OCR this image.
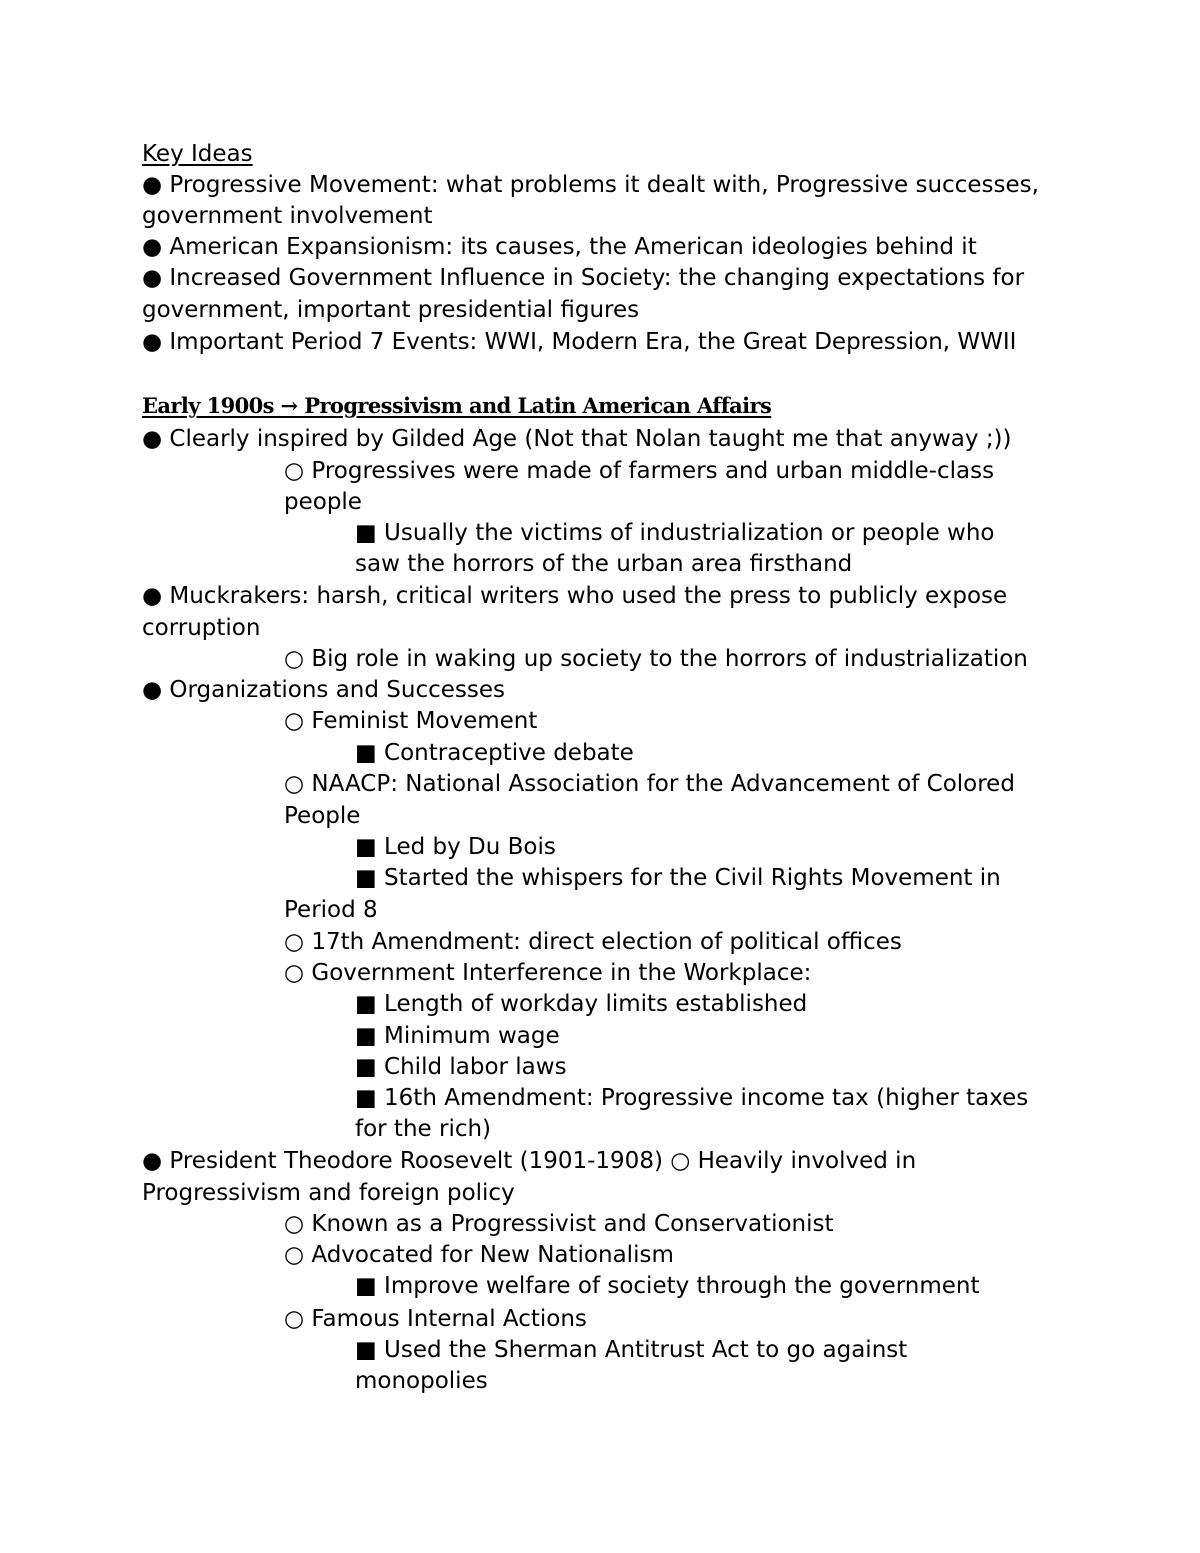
Key Ideas
● Progressive Movement: what problems it dealt with, Progressive successes,
government involvement
● American Expansionism: its causes, the American ideologies behind it
● Increased Government Influence in Society: the changing expectations for
government, important presidential figures
● Important Period 7 Events: WWI, Modern Era, the Great Depression, WWII
Early 1900s → Progressivism and Latin American Affairs
● Clearly inspired by Gilded Age (Not that Nolan taught me that anyway ;))
○ Progressives were made of farmers and urban middle-class
people
■ Usually the victims of industrialization or people who
saw the horrors of the urban area firsthand
● Muckrakers: harsh, critical writers who used the press to publicly expose
corruption
○ Big role in waking up society to the horrors of industrialization
● Organizations and Successes
○ Feminist Movement
■ Contraceptive debate
○ NAACP: National Association for the Advancement of Colored
People
■ Led by Du Bois
■ Started the whispers for the Civil Rights Movement in
Period 8
○ 17th Amendment: direct election of political offices
○ Government Interference in the Workplace:
■ Length of workday limits established
■ Minimum wage
■ Child labor laws
■ 16th Amendment: Progressive income tax (higher taxes
for the rich)
● President Theodore Roosevelt (1901-1908) ○ Heavily involved in
Progressivism and foreign policy
○ Known as a Progressivist and Conservationist
○ Advocated for New Nationalism
■ Improve welfare of society through the government
○ Famous Internal Actions
■ Used the Sherman Antitrust Act to go against
monopolies
